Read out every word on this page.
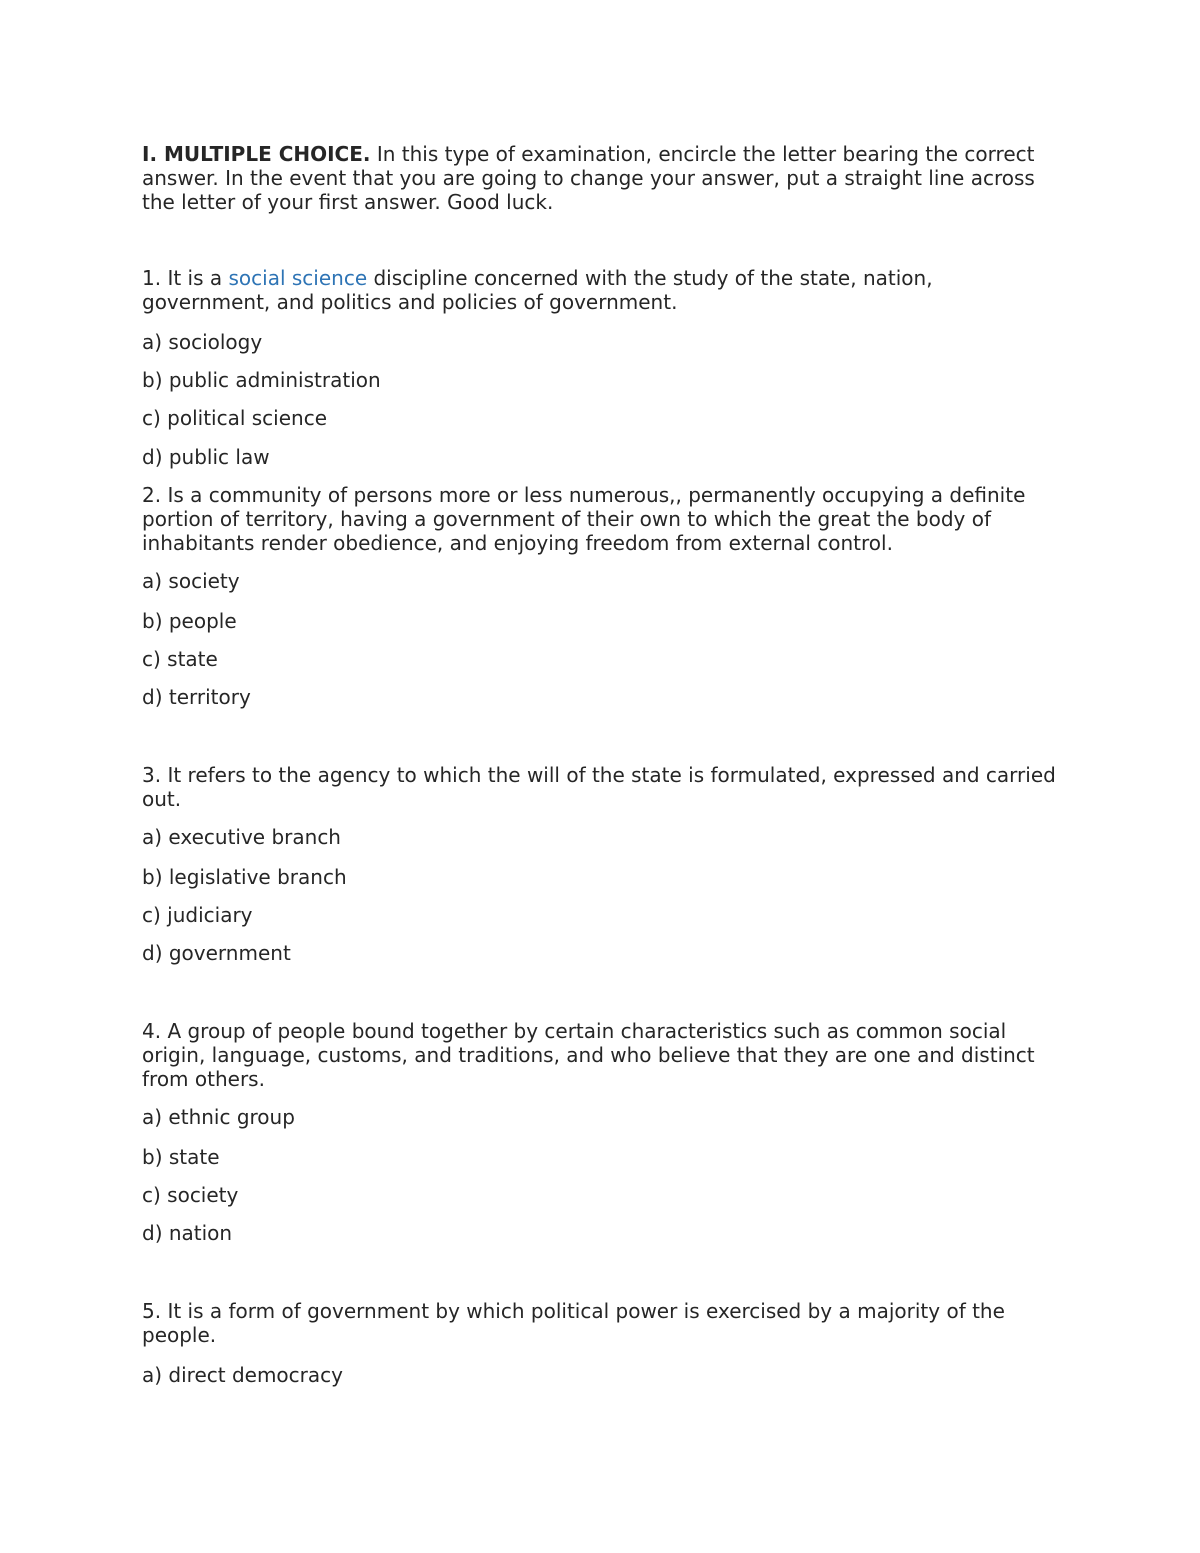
I. MULTIPLE CHOICE. In this type of examination, encircle the letter bearing the correct answer. In the event that you are going to change your answer, put a straight line across the letter of your first answer. Good luck.

1. It is a social science discipline concerned with the study of the state, nation, government, and politics and policies of government.

a) sociology

b) public administration

c) political science

d) public law

2. Is a community of persons more or less numerous,, permanently occupying a definite portion of territory, having a government of their own to which the great the body of inhabitants render obedience, and enjoying freedom from external control.

a) society

b) people

c) state

d) territory

3. It refers to the agency to which the will of the state is formulated, expressed and carried out.

a) executive branch

b) legislative branch

c) judiciary

d) government

4. A group of people bound together by certain characteristics such as common social origin, language, customs, and traditions, and who believe that they are one and distinct from others.

a) ethnic group

b) state

c) society

d) nation

5. It is a form of government by which political power is exercised by a majority of the people.

a) direct democracy
